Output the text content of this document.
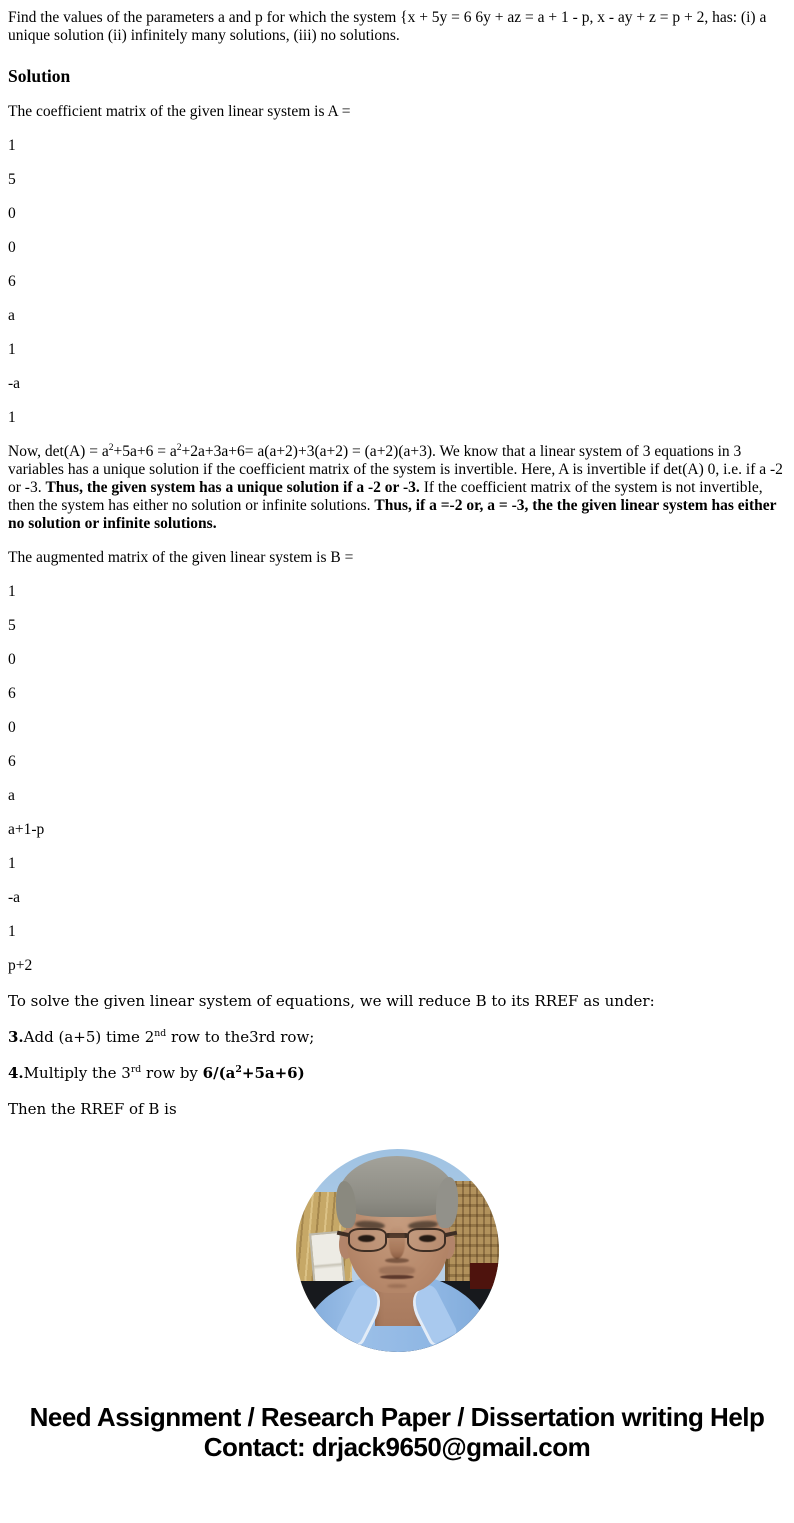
Find the values of the parameters a and p for which the system {x + 5y = 6 6y + az = a + 1 - p, x - ay + z = p + 2, has: (i) a unique solution (ii) infinitely many solutions, (iii) no solutions.

Solution

The coefficient matrix of the given linear system is A =

1

5

0

0

6

a

1

-a

1

Now, $\det(A) = a^2+5a+6 = a^2+2a+3a+6= a(a+2)+3(a+2) = (a+2)(a+3)$. We know that a linear system of 3 equations in 3 variables has a unique solution if the coefficient matrix of the system is invertible. Here, A is invertible if det(A) 0, i.e. if a -2 or -3. Thus, the given system has a unique solution if a -2 or -3. If the coefficient matrix of the system is not invertible, then the system has either no solution or infinite solutions. Thus, if a =-2 or, a = -3, the the given linear system has either no solution or infinite solutions.

The augmented matrix of the given linear system is B =

1

5

0

6

0

6

a

a+1-p

1

-a

1

p+2

To solve the given linear system of equations, we will reduce B to its RREF as under:

3.Add (a+5) time 2nd row to the3rd row;

4.Multiply the 3rd row by $6/(a^2+5a+6)$

Then the RREF of B is

Need Assignment / Research Paper / Dissertation writing Help
Contact: drjack9650@gmail.com
